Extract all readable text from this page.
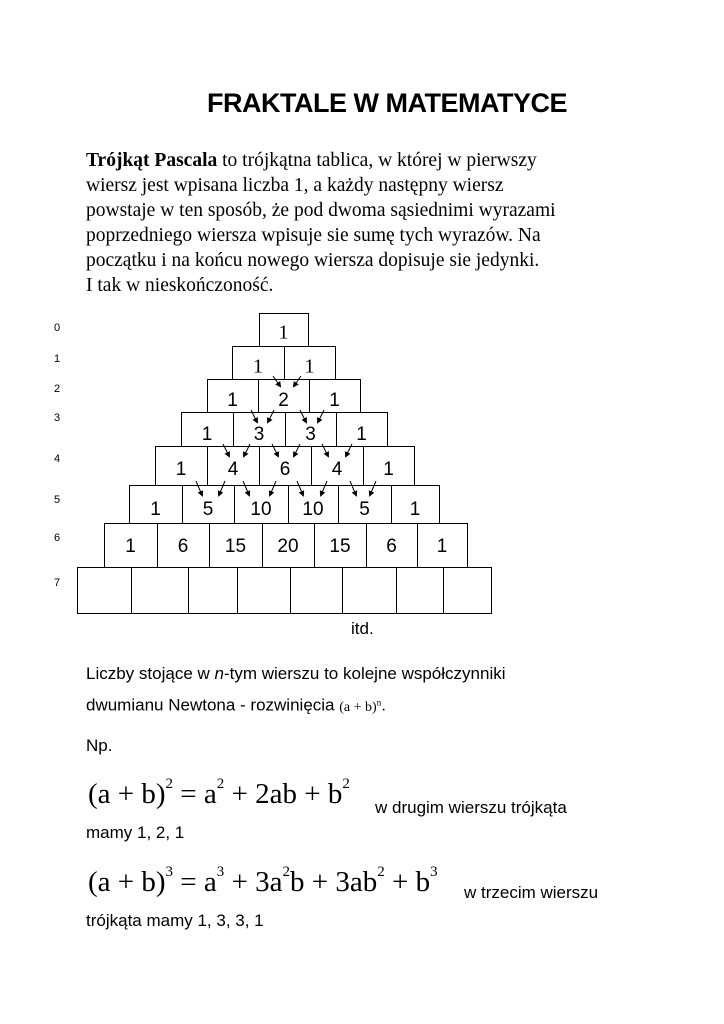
FRAKTALE W MATEMATYCE
Trójkąt Pascala to trójkątna tablica, w której w pierwszy
wiersz jest wpisana liczba 1, a każdy następny wiersz
powstaje w ten sposób, że pod dwoma sąsiednimi wyrazami
poprzedniego wiersza wpisuje sie sumę tych wyrazów. Na
początku i na końcu nowego wiersza dopisuje sie jedynki.
I tak w nieskończoność.
0
1
2
3
4
5
6
7
1
1 1
1 2 1
1 3 3 1
1 4 6 4 1
1 5 10 10 5 1
1 6 15 20 15 6 1
itd.
Liczby stojące w n-tym wierszu to kolejne współczynniki
dwumianu Newtona - rozwinięcia $(a + b)^n$.
Np.
$(a + b)^2 = a^2 + 2ab + b^2$
w drugim wierszu trójkąta
mamy 1, 2, 1
$(a + b)^3 = a^3 + 3a^2b + 3ab^2 + b^3$
w trzecim wierszu
trójkąta mamy 1, 3, 3, 1
